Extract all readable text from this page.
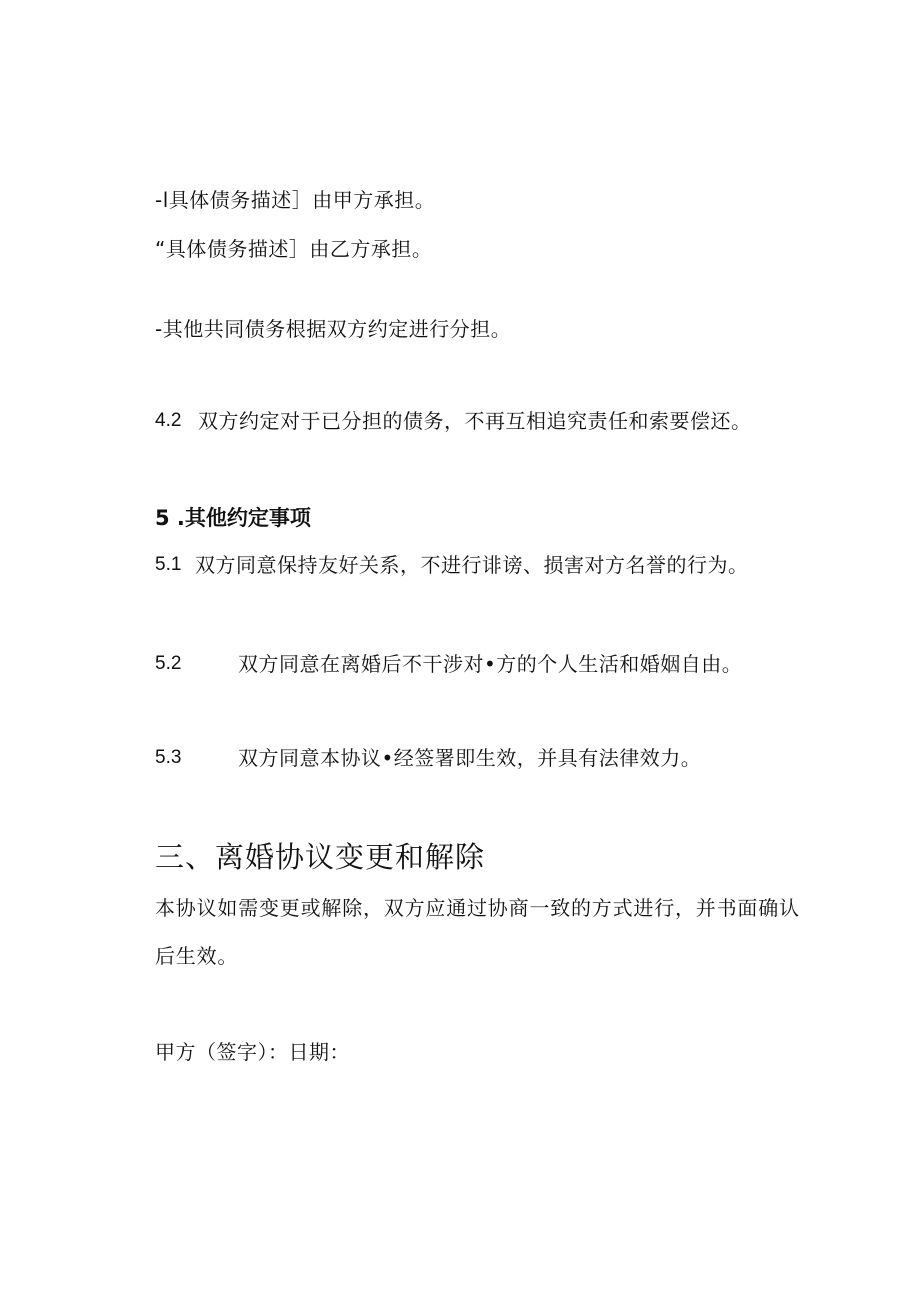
-l具体债务描述］由甲方承担。
“具体债务描述］由乙方承担。
-其他共同债务根据双方约定进行分担。
4.2 双方约定对于已分担的债务，不再互相追究责任和索要偿还。
5 .其他约定事项
5.1 双方同意保持友好关系，不进行诽谤、损害对方名誉的行为。
5.2	双方同意在离婚后不干涉对•方的个人生活和婚姻自由。
5.3	双方同意本协议•经签署即生效，并具有法律效力。
三、离婚协议变更和解除
本协议如需变更或解除，双方应通过协商一致的方式进行，并书面确认后生效。
甲方（签字）：日期：
